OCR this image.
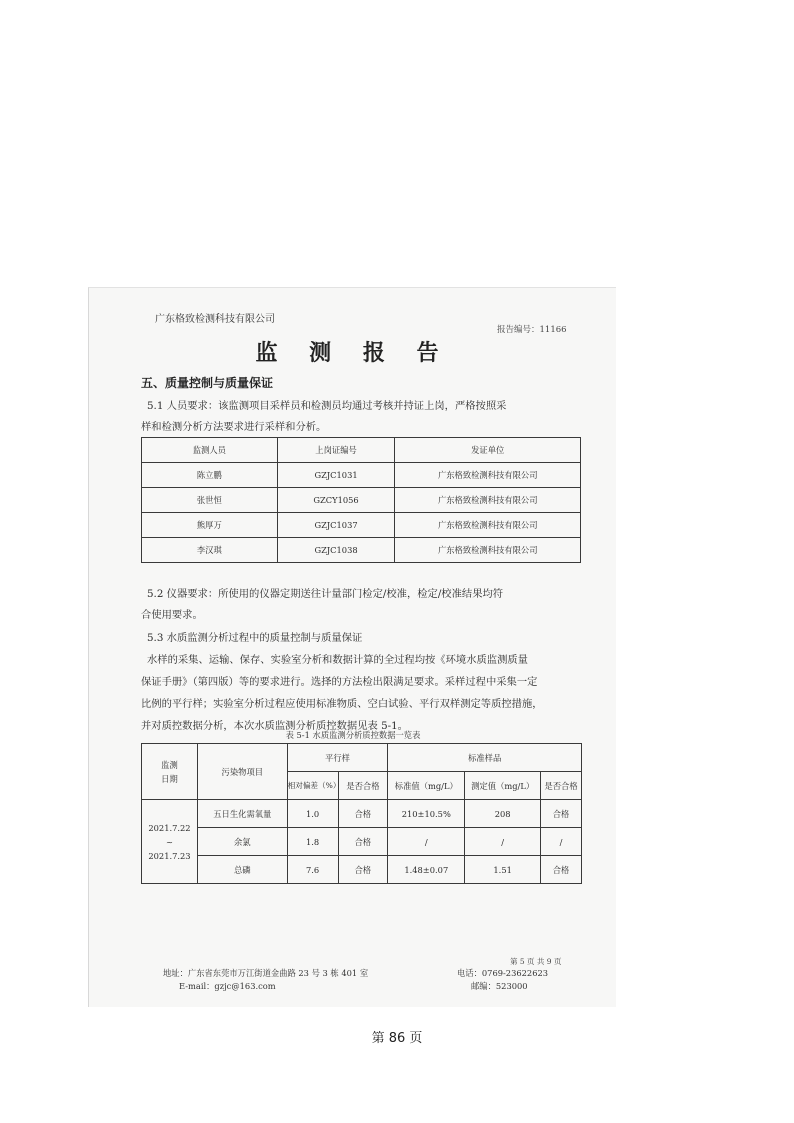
广东格致检测科技有限公司
报告编号：11166
监 测 报 告
五、质量控制与质量保证
5.1 人员要求：该监测项目采样员和检测员均通过考核并持证上岗，严格按照采
样和检测分析方法要求进行采样和分析。
监测人员	上岗证编号	发证单位
陈立鹏	GZJC1031	广东格致检测科技有限公司
张世恒	GZCY1056	广东格致检测科技有限公司
熊厚万	GZJC1037	广东格致检测科技有限公司
李汉琪	GZJC1038	广东格致检测科技有限公司
5.2 仪器要求：所使用的仪器定期送往计量部门检定/校准，检定/校准结果均符
合使用要求。
5.3 水质监测分析过程中的质量控制与质量保证
水样的采集、运输、保存、实验室分析和数据计算的全过程均按《环境水质监测质量
保证手册》（第四版）等的要求进行。选择的方法检出限满足要求。采样过程中采集一定
比例的平行样；实验室分析过程应使用标准物质、空白试验、平行双样测定等质控措施，
并对质控数据分析，本次水质监测分析质控数据见表 5-1。
表 5-1 水质监测分析质控数据一览表
监测日期	污染物项目	平行样		标准样品		
		相对偏差（%）	是否合格	标准值（mg/L）	测定值（mg/L）	是否合格
2021.7.22 ~ 2021.7.23	五日生化需氧量	1.0	合格	210±10.5%	208	合格
	余氯	1.8	合格	/	/	/
	总磷	7.6	合格	1.48±0.07	1.51	合格
第 5 页 共 9 页
地址：广东省东莞市万江街道金曲路 23 号 3 栋 401 室
E-mail：gzjc@163.com
电话：0769-23622623
邮编：523000
第 86 页
